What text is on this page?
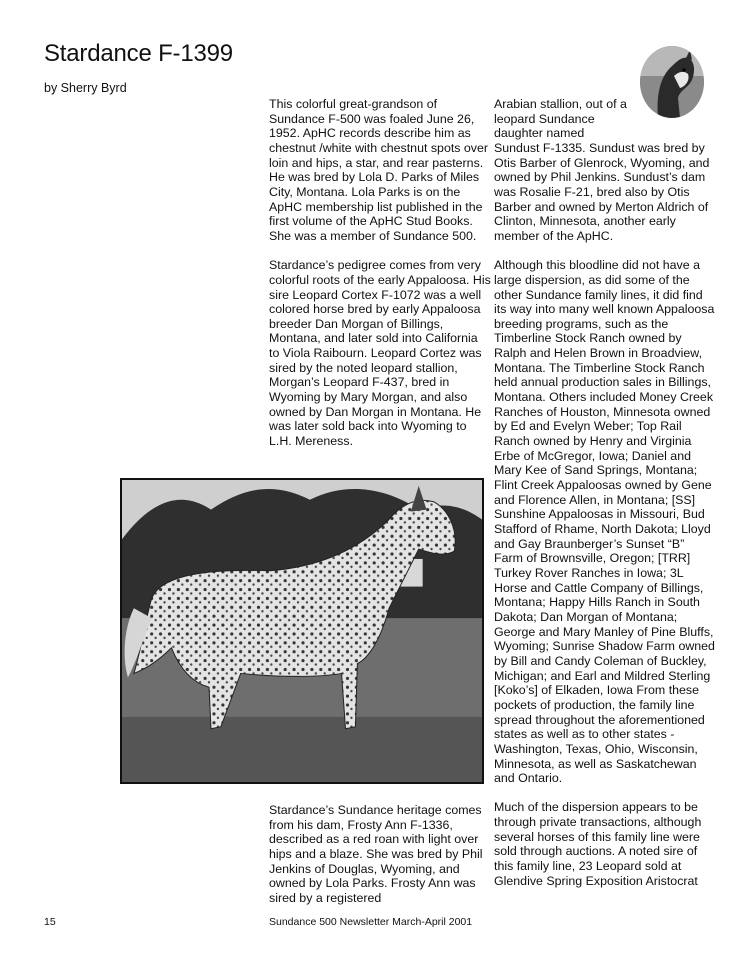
Stardance F-1399
by Sherry Byrd

This colorful great-grandson of Sundance F-500 was foaled June 26, 1952. ApHC records describe him as chestnut /white with chestnut spots over loin and hips, a star, and rear pasterns. He was bred by Lola D. Parks of Miles City, Montana. Lola Parks is on the ApHC membership list published in the first volume of the ApHC Stud Books. She was a member of Sundance 500.

Stardance’s pedigree comes from very colorful roots of the early Appaloosa. His sire Leopard Cortex F-1072 was a well colored horse bred by early Appaloosa breeder Dan Morgan of Billings, Montana, and later sold into California to Viola Raibourn. Leopard Cortez was sired by the noted leopard stallion, Morgan’s Leopard F-437, bred in Wyoming by Mary Morgan, and also owned by Dan Morgan in Montana. He was later sold back into Wyoming to L.H. Mereness.

Stardance’s Sundance heritage comes from his dam, Frosty Ann F-1336, described as a red roan with light over hips and a blaze. She was bred by Phil Jenkins of Douglas, Wyoming, and owned by Lola Parks. Frosty Ann was sired by a registered

Arabian stallion, out of a
leopard Sundance
daughter named
Sundust F-1335. Sundust was bred by Otis Barber of Glenrock, Wyoming, and owned by Phil Jenkins. Sundust’s dam was Rosalie F-21, bred also by Otis Barber and owned by Merton Aldrich of Clinton, Minnesota, another early member of the ApHC.

Although this bloodline did not have a large dispersion, as did some of the other Sundance family lines, it did find its way into many well known Appaloosa breeding programs, such as the Timberline Stock Ranch owned by Ralph and Helen Brown in Broadview, Montana. The Timberline Stock Ranch held annual production sales in Billings, Montana. Others included Money Creek Ranches of Houston, Minnesota owned by Ed and Evelyn Weber; Top Rail Ranch owned by Henry and Virginia Erbe of McGregor, Iowa; Daniel and Mary Kee of Sand Springs, Montana; Flint Creek Appaloosas owned by Gene and Florence Allen, in Montana; [SS] Sunshine Appaloosas in Missouri, Bud Stafford of Rhame, North Dakota; Lloyd and Gay Braunberger’s Sunset “B” Farm of Brownsville, Oregon; [TRR] Turkey Rover Ranches in Iowa; 3L Horse and Cattle Company of Billings, Montana; Happy Hills Ranch in South Dakota; Dan Morgan of Montana; George and Mary Manley of Pine Bluffs, Wyoming; Sunrise Shadow Farm owned by Bill and Candy Coleman of Buckley, Michigan; and Earl and Mildred Sterling [Koko’s] of Elkaden, Iowa From these pockets of production, the family line spread throughout the aforementioned states as well as to other states - Washington, Texas, Ohio, Wisconsin, Minnesota, as well as Saskatchewan and Ontario.

Much of the dispersion appears to be through private transactions, although several horses of this family line were sold through auctions. A noted sire of this family line, 23 Leopard sold at Glendive Spring Exposition Aristocrat

15	Sundance 500 Newsletter March-April 2001
